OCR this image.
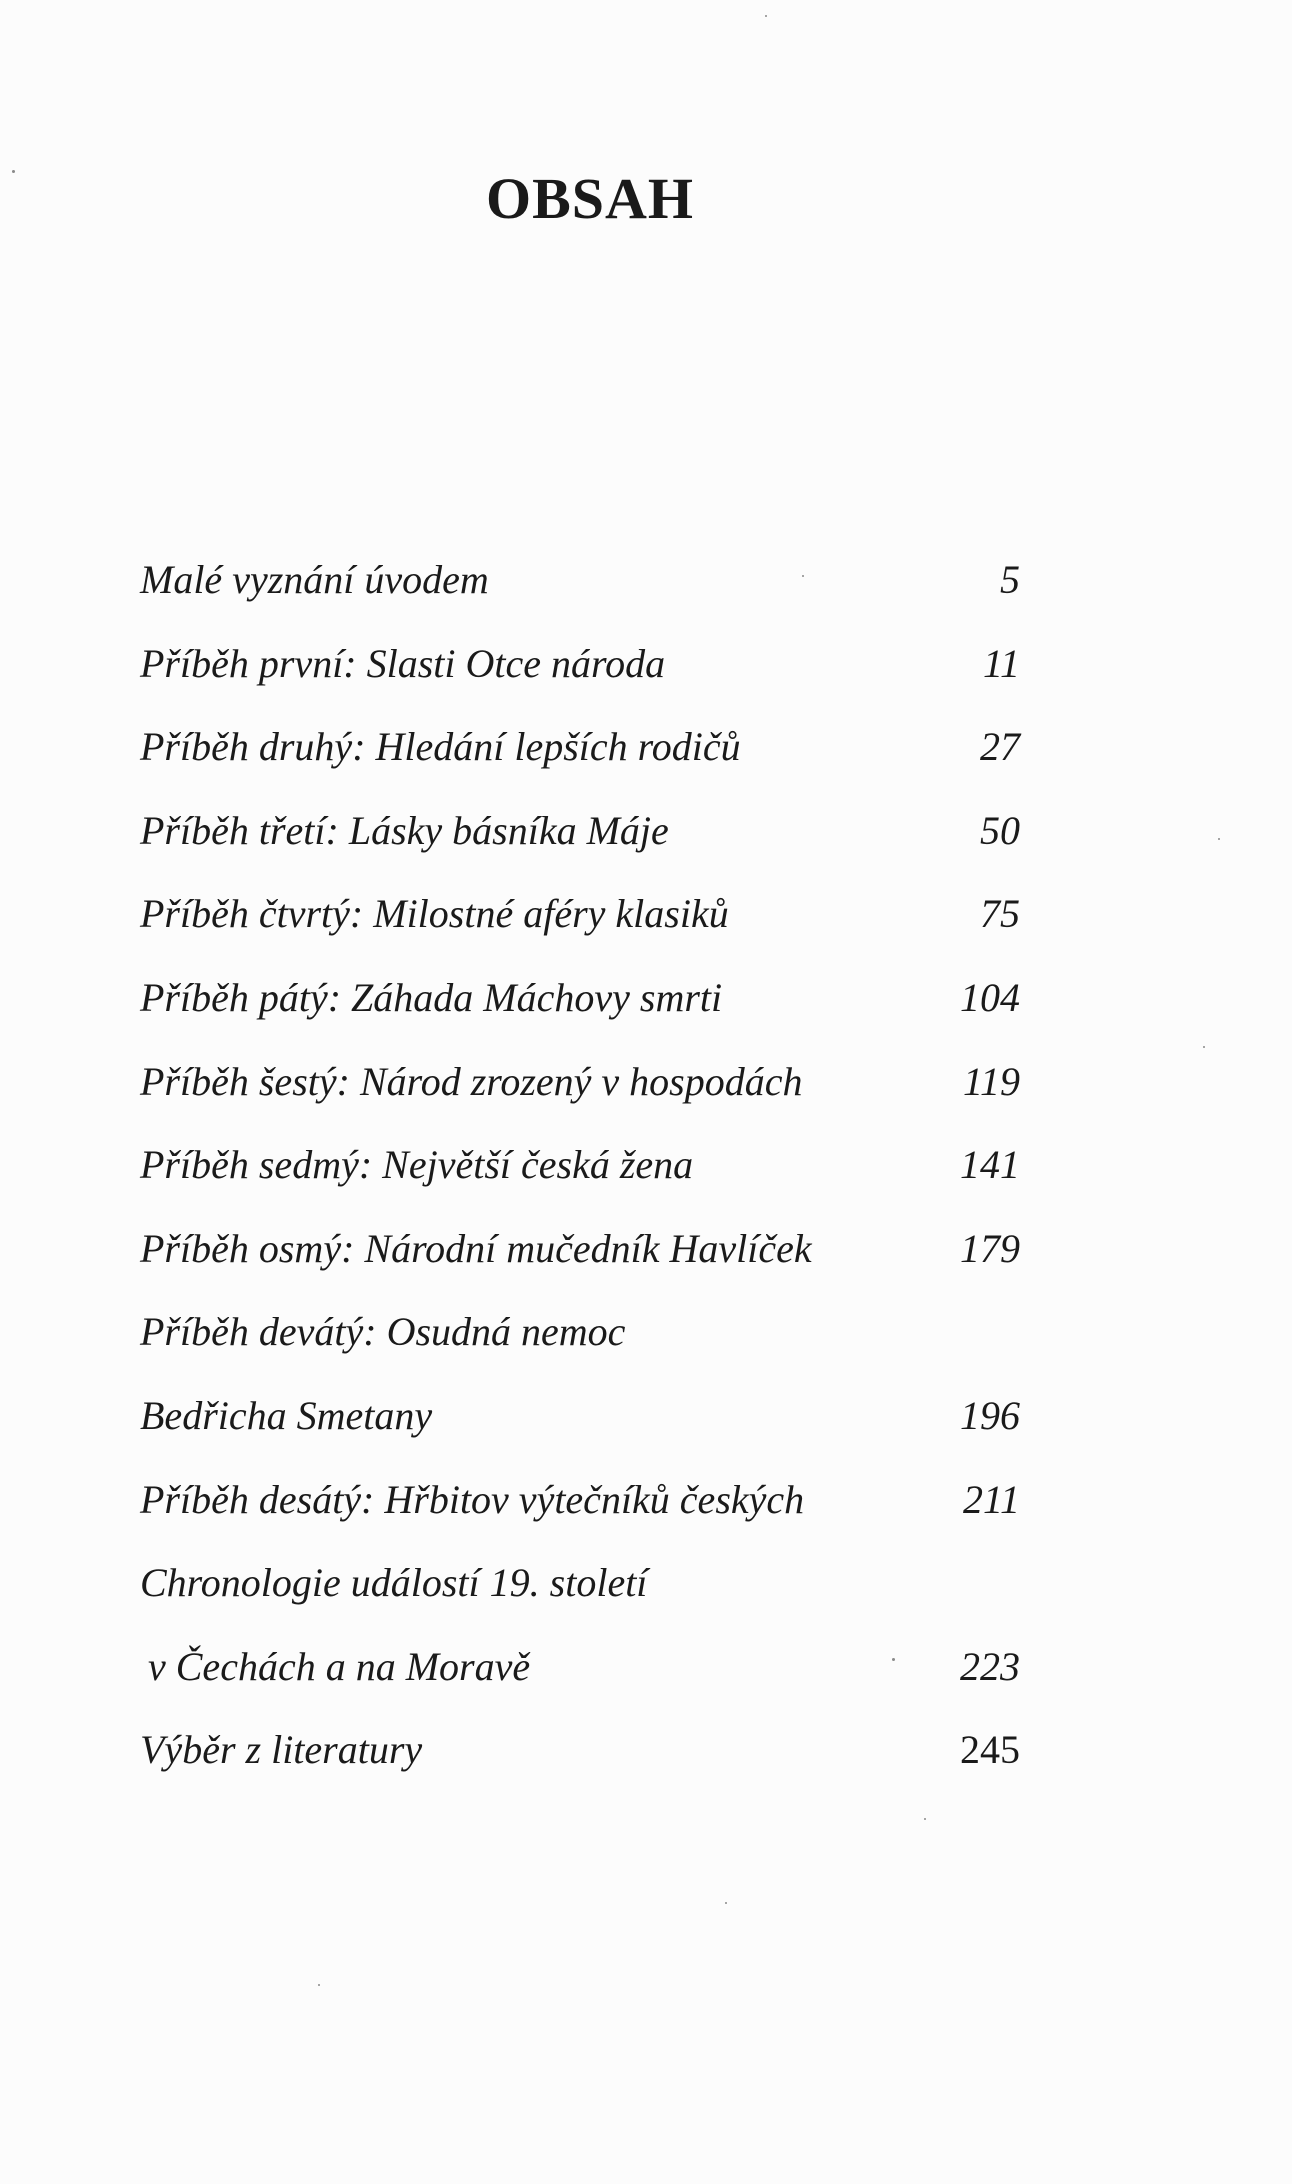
OBSAH
Malé vyznání úvodem	5
Příběh první: Slasti Otce národa	11
Příběh druhý: Hledání lepších rodičů	27
Příběh třetí: Lásky básníka Máje	50
Příběh čtvrtý: Milostné aféry klasiků	75
Příběh pátý: Záhada Máchovy smrti	104
Příběh šestý: Národ zrozený v hospodách	119
Příběh sedmý: Největší česká žena	141
Příběh osmý: Národní mučedník Havlíček	179
Příběh devátý: Osudná nemoc
Bedřicha Smetany	196
Příběh desátý: Hřbitov výtečníků českých	211
Chronologie událostí 19. století
v Čechách a na Moravě	223
Výběr z literatury	245
